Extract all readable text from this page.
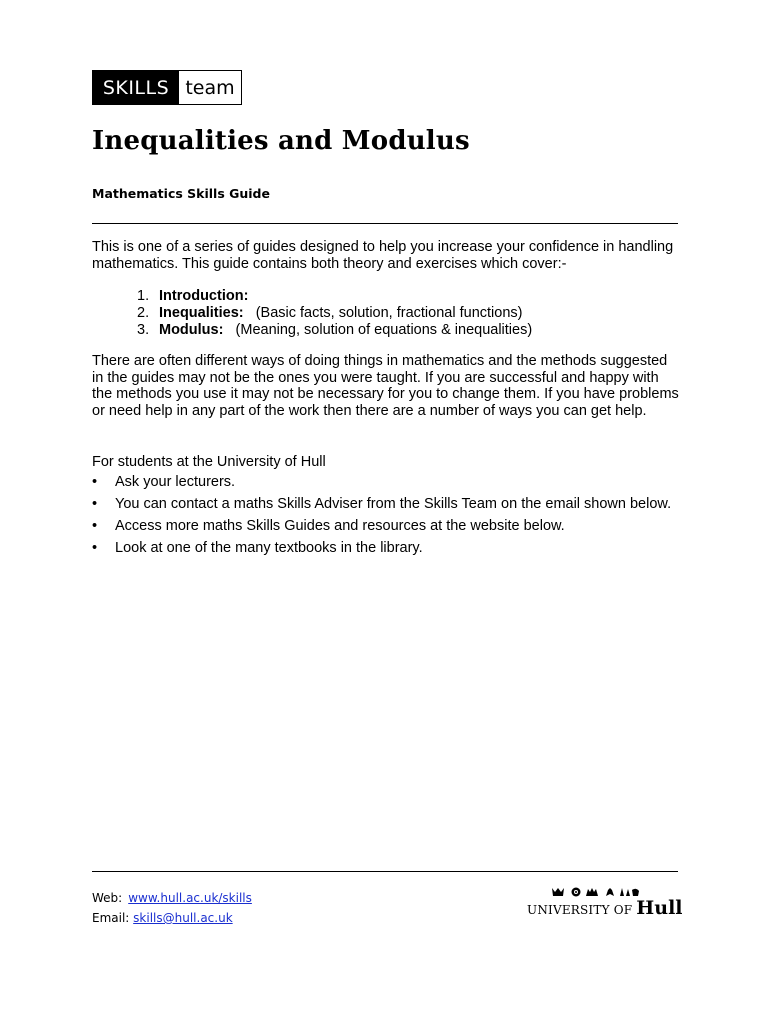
SKILLS team
Inequalities and Modulus

Mathematics Skills Guide

This is one of a series of guides designed to help you increase your confidence in handling mathematics. This guide contains both theory and exercises which cover:-

1. Introduction:
2. Inequalities: (Basic facts, solution, fractional functions)
3. Modulus: (Meaning, solution of equations & inequalities)

There are often different ways of doing things in mathematics and the methods suggested in the guides may not be the ones you were taught. If you are successful and happy with the methods you use it may not be necessary for you to change them. If you have problems or need help in any part of the work then there are a number of ways you can get help.

For students at the University of Hull

• Ask your lecturers.
• You can contact a maths Skills Adviser from the Skills Team on the email shown below.
• Access more maths Skills Guides and resources at the website below.
• Look at one of the many textbooks in the library.
Web: www.hull.ac.uk/skills
Email: skills@hull.ac.uk
UNIVERSITY OF Hull
